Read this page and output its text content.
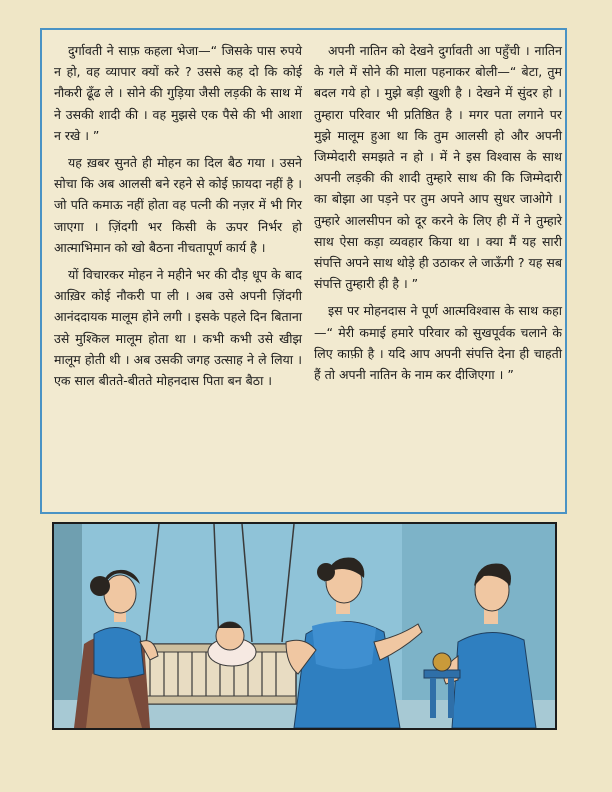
दुर्गावती ने साफ़ कहला भेजा—“ जिसके पास रुपये न हो, वह व्यापार क्यों करे ? उससे कह दो कि कोई नौकरी ढूँढ ले । सोने की गुड़िया जैसी लड़की के साथ में ने उसकी शादी की । वह मुझसे एक पैसे की भी आशा न रखे । ”

यह ख़बर सुनते ही मोहन का दिल बैठ गया । उसने सोचा कि अब आलसी बने रहने से कोई फ़ायदा नहीं है । जो पति कमाऊ नहीं होता वह पत्नी की नज़र में भी गिर जाएगा । ज़िंदगी भर किसी के ऊपर निर्भर हो आत्माभिमान को खो बैठना नीचतापूर्ण कार्य है ।

यों विचारकर मोहन ने महीने भर की दौड़ धूप के बाद आख़िर कोई नौकरी पा ली । अब उसे अपनी ज़िंदगी आनंददायक मालूम होने लगी । इसके पहले दिन बिताना उसे मुश्किल मालूम होता था । कभी कभी उसे खीझ मालूम होती थी । अब उसकी जगह उत्साह ने ले लिया । एक साल बीतते-बीतते मोहनदास पिता बन बैठा ।

अपनी नातिन को देखने दुर्गावती आ पहुँची । नातिन के गले में सोने की माला पहनाकर बोली—“ बेटा, तुम बदल गये हो । मुझे बड़ी खुशी है । देखने में सुंदर हो । तुम्हारा परिवार भी प्रतिष्ठित है । मगर पता लगाने पर मुझे मालूम हुआ था कि तुम आलसी हो और अपनी जिम्मेदारी समझते न हो । में ने इस विश्वास के साथ अपनी लड़की की शादी तुम्हारे साथ की कि जिम्मेदारी का बोझा आ पड़ने पर तुम अपने आप सुधर जाओगे । तुम्हारे आलसीपन को दूर करने के लिए ही में ने तुम्हारे साथ ऐसा कड़ा व्यवहार किया था । क्या मैं यह सारी संपत्ति अपने साथ थोड़े ही उठाकर ले जाऊँगी ? यह सब संपत्ति तुम्हारी ही है । ”

इस पर मोहनदास ने पूर्ण आत्मविश्वास के साथ कहा—“ मेरी कमाई हमारे परिवार को सुखपूर्वक चलाने के लिए काफ़ी है । यदि आप अपनी संपत्ति देना ही चाहती हैं तो अपनी नातिन के नाम कर दीजिएगा । ”
